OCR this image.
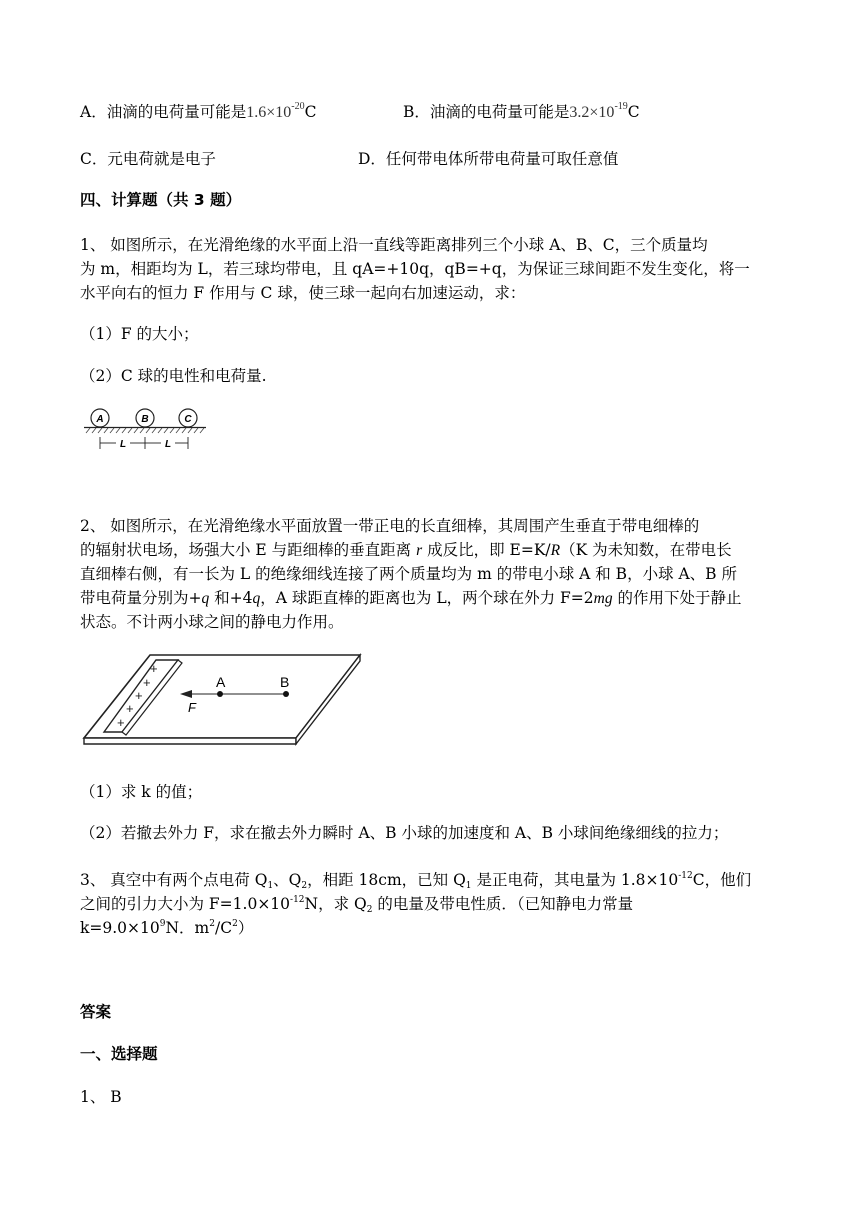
A．油滴的电荷量可能是$1.6\times 10^{-20}C$	B．油滴的电荷量可能是$3.2\times 10^{-19}C$
C．元电荷就是电子	D．任何带电体所带电荷量可取任意值
四、计算题（共 3 题）
1、 如图所示，在光滑绝缘的水平面上沿一直线等距离排列三个小球 A、B、C，三个质量均
为 m，相距均为 L，若三球均带电，且 qA=+10q，qB=+q，为保证三球间距不发生变化，将一
水平向右的恒力 F 作用与 C 球，使三球一起向右加速运动，求：
（1）F 的大小；
（2）C 球的电性和电荷量.
A	B	C
L	L
2、 如图所示，在光滑绝缘水平面放置一带正电的长直细棒，其周围产生垂直于带电细棒的
的辐射状电场，场强大小 E 与距细棒的垂直距离 r 成反比，即 E=K/R（K 为未知数，在带电长
直细棒右侧，有一长为 L 的绝缘细线连接了两个质量均为 m 的带电小球 A 和 B，小球 A、B 所
带电荷量分别为+q 和+4q，A 球距直棒的距离也为 L，两个球在外力 F=2mg 的作用下处于静止
状态。不计两小球之间的静电力作用。
+
+
+
+
+
A	B
F
（1）求 k 的值；
（2）若撤去外力 F，求在撤去外力瞬时 A、B 小球的加速度和 A、B 小球间绝缘细线的拉力；
3、 真空中有两个点电荷 $Q_1$、$Q_2$，相距 18cm，已知 $Q_1$ 是正电荷，其电量为 $1.8\times 10^{-12}C$，他们
之间的引力大小为 $F=1.0\times 10^{-12}N$，求 $Q_2$ 的电量及带电性质．（已知静电力常量
$k=9.0\times 10^9N$．$m^2/C^2$）
答案
一、选择题
1、 B
